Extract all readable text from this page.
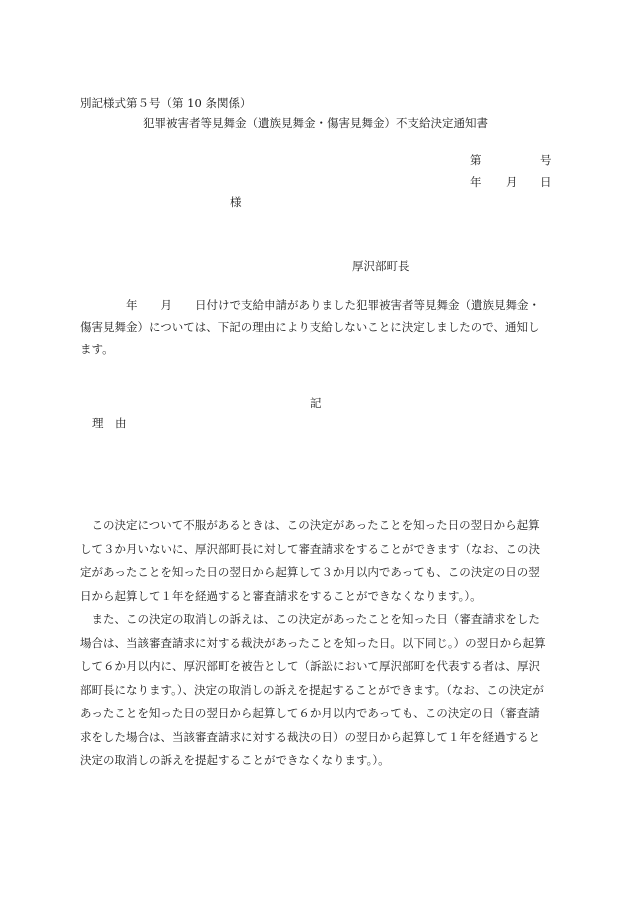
別記様式第５号（第 10 条関係）
犯罪被害者等見舞金（遺族見舞金・傷害見舞金）不支給決定通知書
第	号
年 月 日
様
厚沢部町長
　　　　年　　月　　日付けで支給申請がありました犯罪被害者等見舞金（遺族見舞金・
傷害見舞金）については、下記の理由により支給しないことに決定しましたので、通知し
ます。
記
理　由
　この決定について不服があるときは、この決定があったことを知った日の翌日から起算
して３か月いないに、厚沢部町長に対して審査請求をすることができます（なお、この決
定があったことを知った日の翌日から起算して３か月以内であっても、この決定の日の翌
日から起算して１年を経過すると審査請求をすることができなくなります。）。
　また、この決定の取消しの訴えは、この決定があったことを知った日（審査請求をした
場合は、当該審査請求に対する裁決があったことを知った日。以下同じ。）の翌日から起算
して６か月以内に、厚沢部町を被告として（訴訟において厚沢部町を代表する者は、厚沢
部町長になります。）、決定の取消しの訴えを提起することができます。（なお、この決定が
あったことを知った日の翌日から起算して６か月以内であっても、この決定の日（審査請
求をした場合は、当該審査請求に対する裁決の日）の翌日から起算して１年を経過すると
決定の取消しの訴えを提起することができなくなります。）。
